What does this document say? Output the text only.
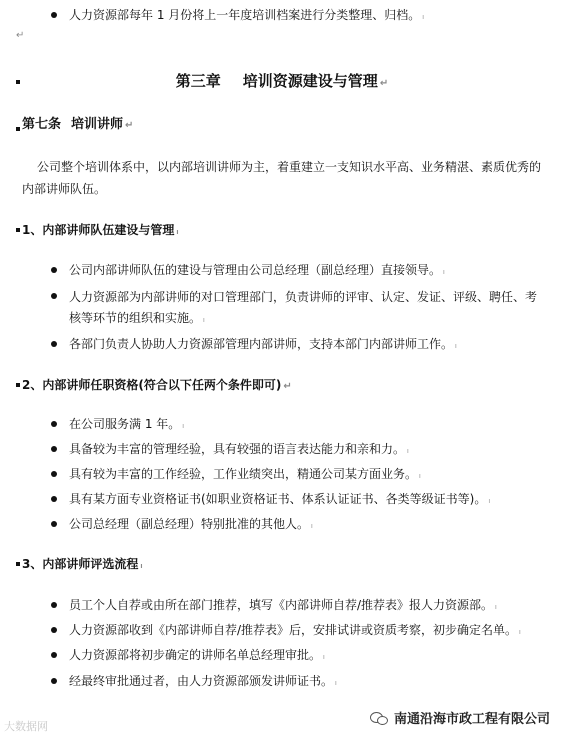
人力资源部每年 1 月份将上一年度培训档案进行分类整理、归档。 ₗ
↵
第三章 培训资源建设与管理 ↵
第七条 培训讲师 ↵
公司整个培训体系中，以内部培训讲师为主，着重建立一支知识水平高、业务精湛、素质优秀的内部讲师队伍。
1、内部讲师队伍建设与管理 ₗ
公司内部讲师队伍的建设与管理由公司总经理（副总经理）直接领导。 ₗ
人力资源部为内部讲师的对口管理部门，负责讲师的评审、认定、发证、评级、聘任、考核等环节的组织和实施。 ₗ
各部门负责人协助人力资源部管理内部讲师，支持本部门内部讲师工作。 ₗ
2、内部讲师任职资格(符合以下任两个条件即可) ↵
在公司服务满 1 年。 ₗ
具备较为丰富的管理经验，具有较强的语言表达能力和亲和力。 ₗ
具有较为丰富的工作经验，工作业绩突出，精通公司某方面业务。 ₗ
具有某方面专业资格证书(如职业资格证书、体系认证证书、各类等级证书等)。 ₗ
公司总经理（副总经理）特别批准的其他人。 ₗ
3、内部讲师评选流程 ₗ
员工个人自荐或由所在部门推荐，填写《内部讲师自荐/推荐表》报人力资源部。 ₗ
人力资源部收到《内部讲师自荐/推荐表》后，安排试讲或资质考察，初步确定名单。 ₗ
人力资源部将初步确定的讲师名单总经理审批。 ₗ
经最终审批通过者，由人力资源部颁发讲师证书。 ₗ
大数据网	南通沿海市政工程有限公司
